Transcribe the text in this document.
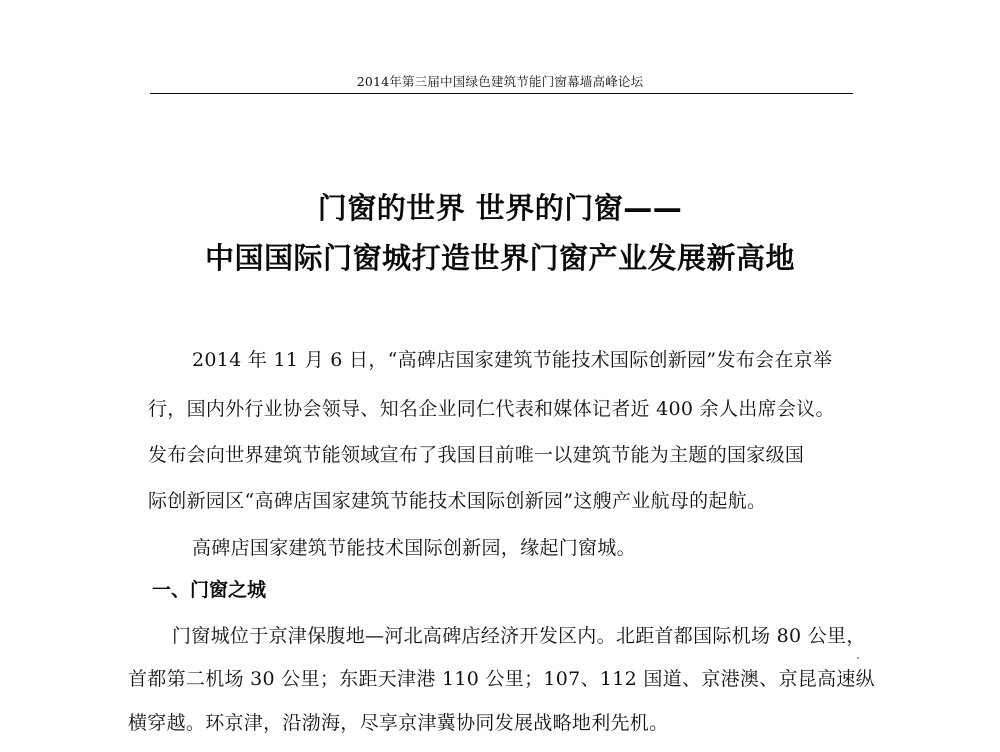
2014年第三届中国绿色建筑节能门窗幕墙高峰论坛
门窗的世界 世界的门窗——
中国国际门窗城打造世界门窗产业发展新高地
2014 年 11 月 6 日，“高碑店国家建筑节能技术国际创新园”发布会在京举
行，国内外行业协会领导、知名企业同仁代表和媒体记者近 400 余人出席会议。
发布会向世界建筑节能领域宣布了我国目前唯一以建筑节能为主题的国家级国
际创新园区“高碑店国家建筑节能技术国际创新园”这艘产业航母的起航。
高碑店国家建筑节能技术国际创新园，缘起门窗城。
一、门窗之城
门窗城位于京津保腹地—河北高碑店经济开发区内。北距首都国际机场 80 公里，
首都第二机场 30 公里；东距天津港 110 公里；107、112 国道、京港澳、京昆高速纵
横穿越。环京津，沿渤海，尽享京津冀协同发展战略地利先机。
